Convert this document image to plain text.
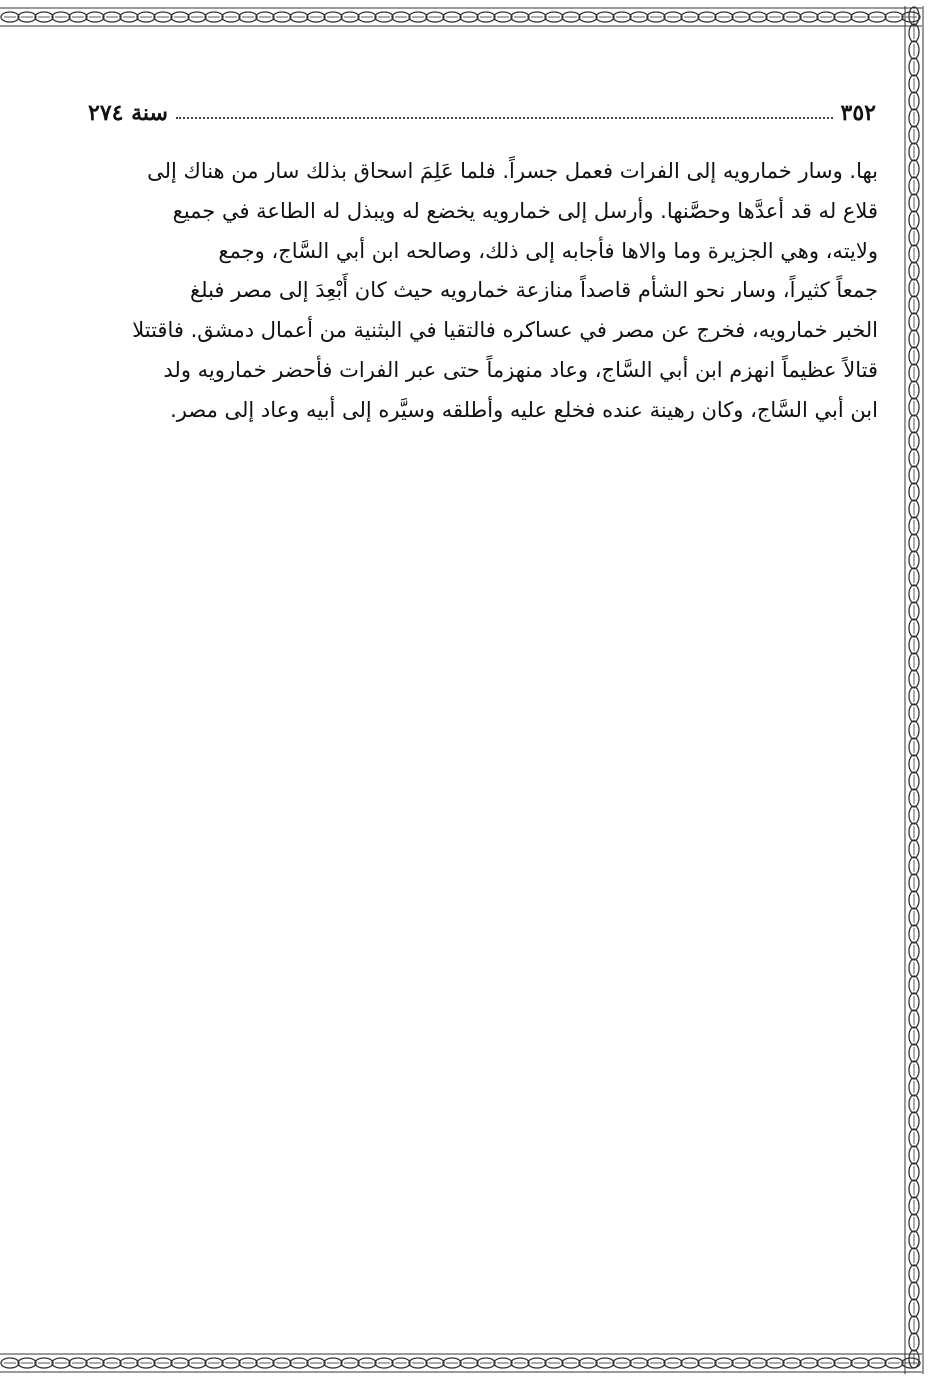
٣٥٢
سنة ٢٧٤
بها. وسار خمارويه إلى الفرات فعمل جسراً. فلما عَلِمَ اسحاق بذلك سار من هناك إلى
قلاع له قد أعدَّها وحصَّنها. وأرسل إلى خمارويه يخضع له ويبذل له الطاعة في جميع
ولايته، وهي الجزيرة وما والاها فأجابه إلى ذلك، وصالحه ابن أبي السَّاج، وجمع
جمعاً كثيراً، وسار نحو الشأم قاصداً منازعة خمارويه حيث كان أَبْعِدَ إلى مصر فبلغ
الخبر خمارويه، فخرج عن مصر في عساكره فالتقيا في البثنية من أعمال دمشق. فاقتتلا
قتالاً عظيماً انهزم ابن أبي السَّاج، وعاد منهزماً حتى عبر الفرات فأحضر خمارويه ولد
ابن أبي السَّاج، وكان رهينة عنده فخلع عليه وأطلقه وسيَّره إلى أبيه وعاد إلى مصر.
